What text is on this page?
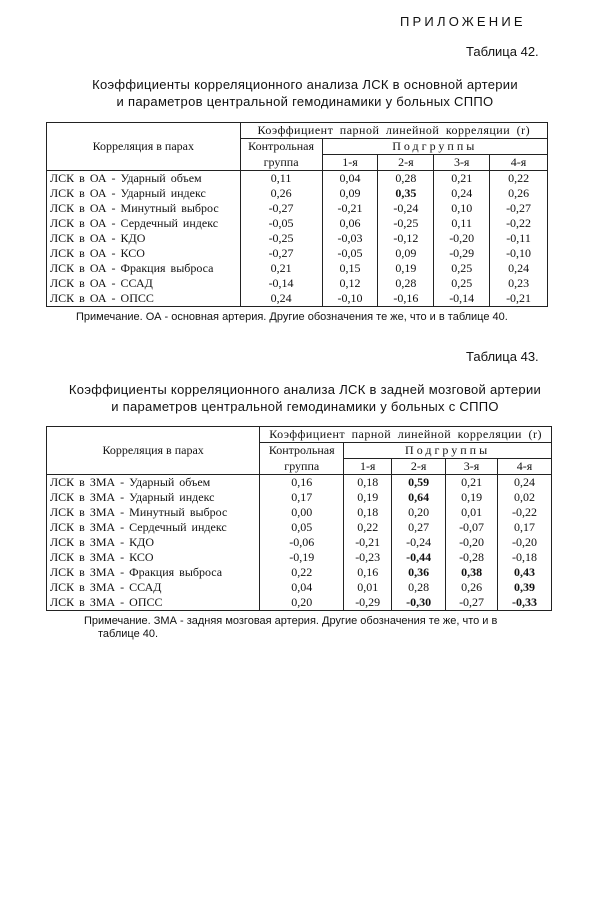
ПРИЛОЖЕНИЕ
Таблица 42.
Коэффициенты корреляционного анализа ЛСК в основной артерии
и параметров центральной гемодинамики у больных СППО
Корреляция в парах	Коэффициент парной линейной корреляции (r)				
	Контрольная	Подгруппы			
	группа	1-я	2-я	3-я	4-я
ЛСК в ОА - Ударный объем	0,11	0,04	0,28	0,21	0,22
ЛСК в ОА - Ударный индекс	0,26	0,09	0,35	0,24	0,26
ЛСК в ОА - Минутный выброс	-0,27	-0,21	-0,24	0,10	-0,27
ЛСК в ОА - Сердечный индекс	-0,05	0,06	-0,25	0,11	-0,22
ЛСК в ОА - КДО	-0,25	-0,03	-0,12	-0,20	-0,11
ЛСК в ОА - КСО	-0,27	-0,05	0,09	-0,29	-0,10
ЛСК в ОА - Фракция выброса	0,21	0,15	0,19	0,25	0,24
ЛСК в ОА - ССАД	-0,14	0,12	0,28	0,25	0,23
ЛСК в ОА - ОПСС	0,24	-0,10	-0,16	-0,14	-0,21
Примечание. ОА - основная артерия. Другие обозначения те же, что и в таблице 40.
Таблица 43.
Коэффициенты корреляционного анализа ЛСК в задней мозговой артерии
и параметров центральной гемодинамики у больных с СППО
Корреляция в парах	Коэффициент парной линейной корреляции (r)				
	Контрольная	Подгруппы			
	группа	1-я	2-я	3-я	4-я
ЛСК в ЗМА - Ударный объем	0,16	0,18	0,59	0,21	0,24
ЛСК в ЗМА - Ударный индекс	0,17	0,19	0,64	0,19	0,02
ЛСК в ЗМА - Минутный выброс	0,00	0,18	0,20	0,01	-0,22
ЛСК в ЗМА - Сердечный индекс	0,05	0,22	0,27	-0,07	0,17
ЛСК в ЗМА - КДО	-0,06	-0,21	-0,24	-0,20	-0,20
ЛСК в ЗМА - КСО	-0,19	-0,23	-0,44	-0,28	-0,18
ЛСК в ЗМА - Фракция выброса	0,22	0,16	0,36	0,38	0,43
ЛСК в ЗМА - ССАД	0,04	0,01	0,28	0,26	0,39
ЛСК в ЗМА - ОПСС	0,20	-0,29	-0,30	-0,27	-0,33
Примечание. ЗМА - задняя мозговая артерия. Другие обозначения те же, что и в
таблице 40.
